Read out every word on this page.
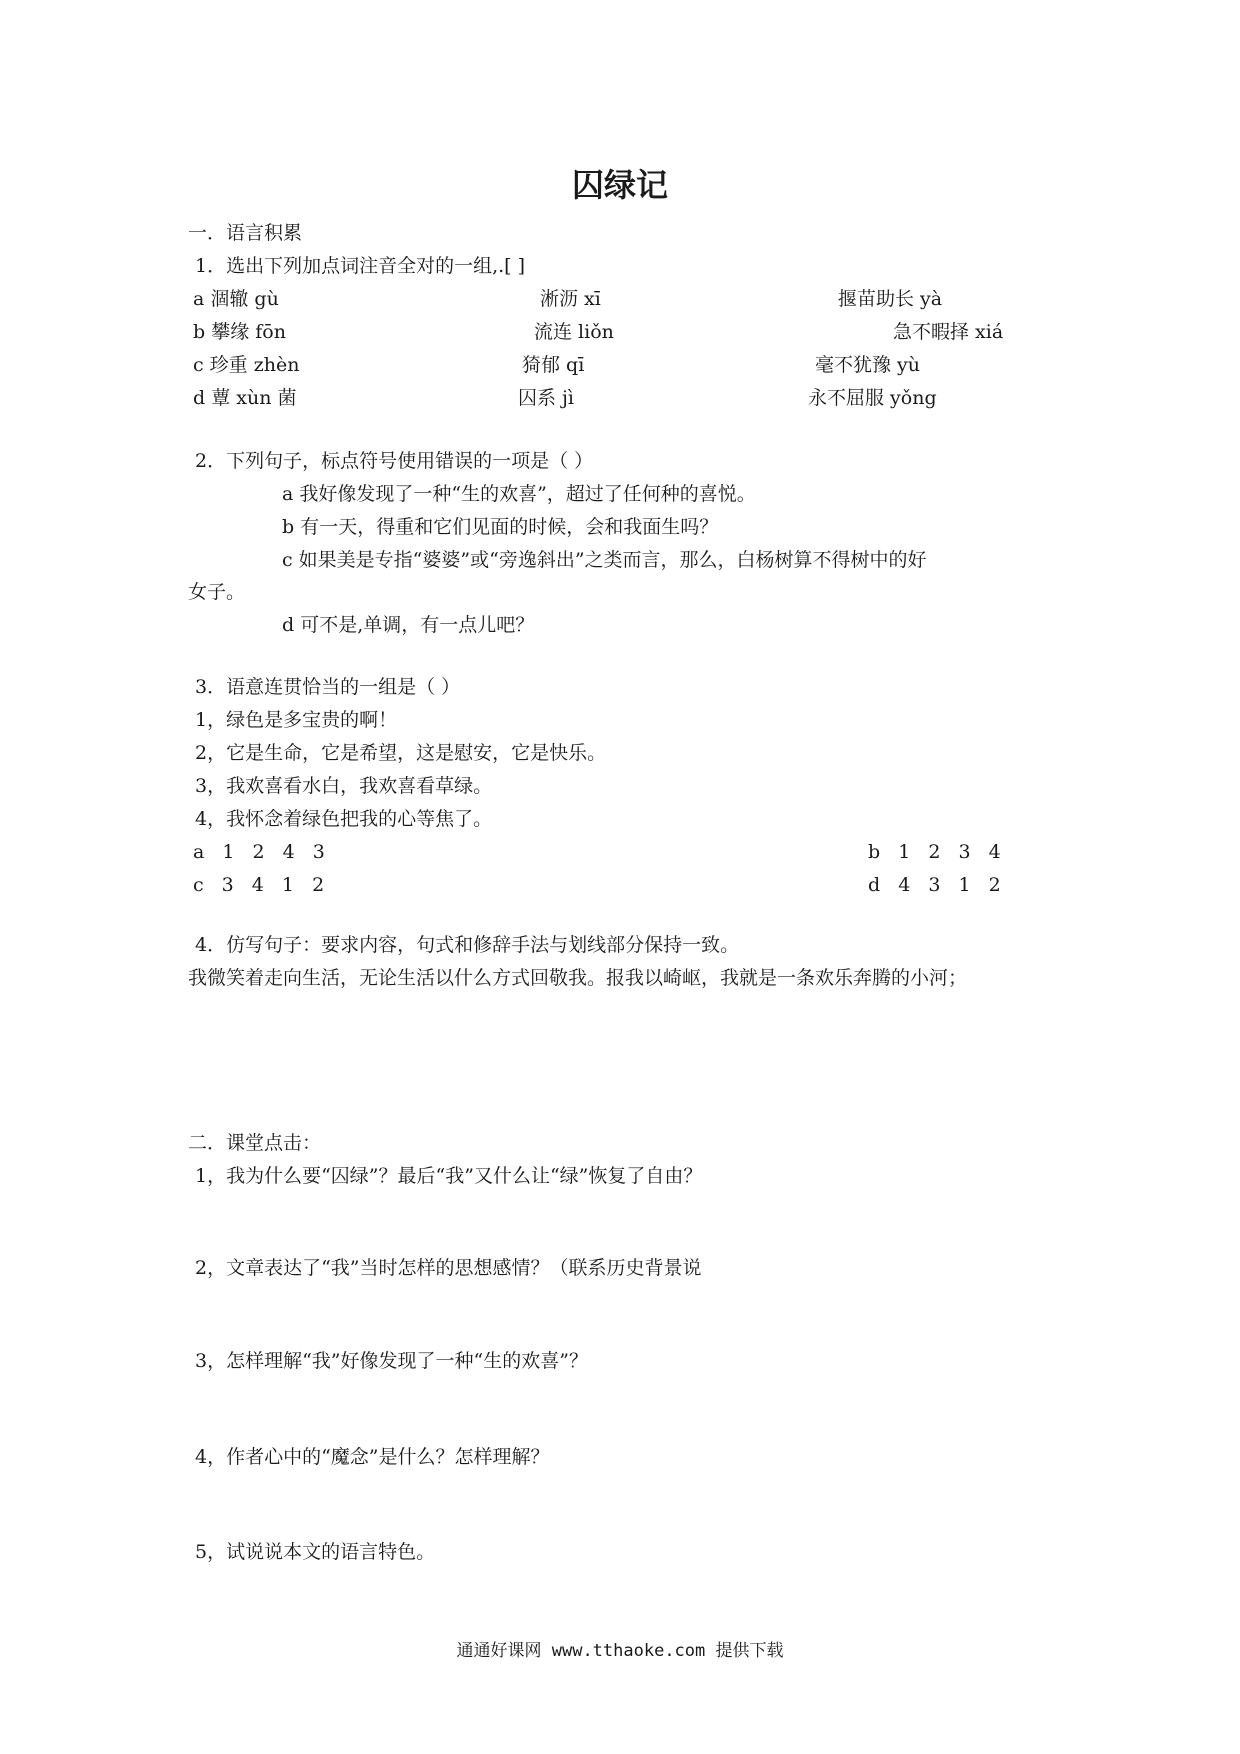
囚绿记
一．语言积累
1．选出下列加点词注音全对的一组,.[ ]
a 涸辙 gù	淅沥 xī	揠苗助长 yà
b 攀缘 fōn	流连 liǒn	急不暇择 xiá
c 珍重 zhèn	猗郁 qī	毫不犹豫 yù
d 蕈 xùn 菌	囚系 jì	永不屈服 yǒng
2．下列句子，标点符号使用错误的一项是（ ）
a 我好像发现了一种“生的欢喜”，超过了任何种的喜悦。
b 有一天，得重和它们见面的时候，会和我面生吗？
c 如果美是专指“婆婆”或“旁逸斜出”之类而言，那么，白杨树算不得树中的好
女子。
d 可不是,单调，有一点儿吧？
3．语意连贯恰当的一组是（ ）
1，绿色是多宝贵的啊！
2，它是生命，它是希望，这是慰安，它是快乐。
3，我欢喜看水白，我欢喜看草绿。
4，我怀念着绿色把我的心等焦了。
a 1 2 4 3	b 1 2 3 4
c 3 4 1 2	d 4 3 1 2
4．仿写句子：要求内容，句式和修辞手法与划线部分保持一致。
我微笑着走向生活，无论生活以什么方式回敬我。报我以崎岖，我就是一条欢乐奔腾的小河；
二．课堂点击：
1，我为什么要“囚绿”？最后“我”又什么让“绿”恢复了自由？
2，文章表达了“我”当时怎样的思想感情？（联系历史背景说
3，怎样理解“我”好像发现了一种“生的欢喜”？
4，作者心中的“魔念”是什么？怎样理解？
5，试说说本文的语言特色。
通通好课网 www.tthaoke.com 提供下载
